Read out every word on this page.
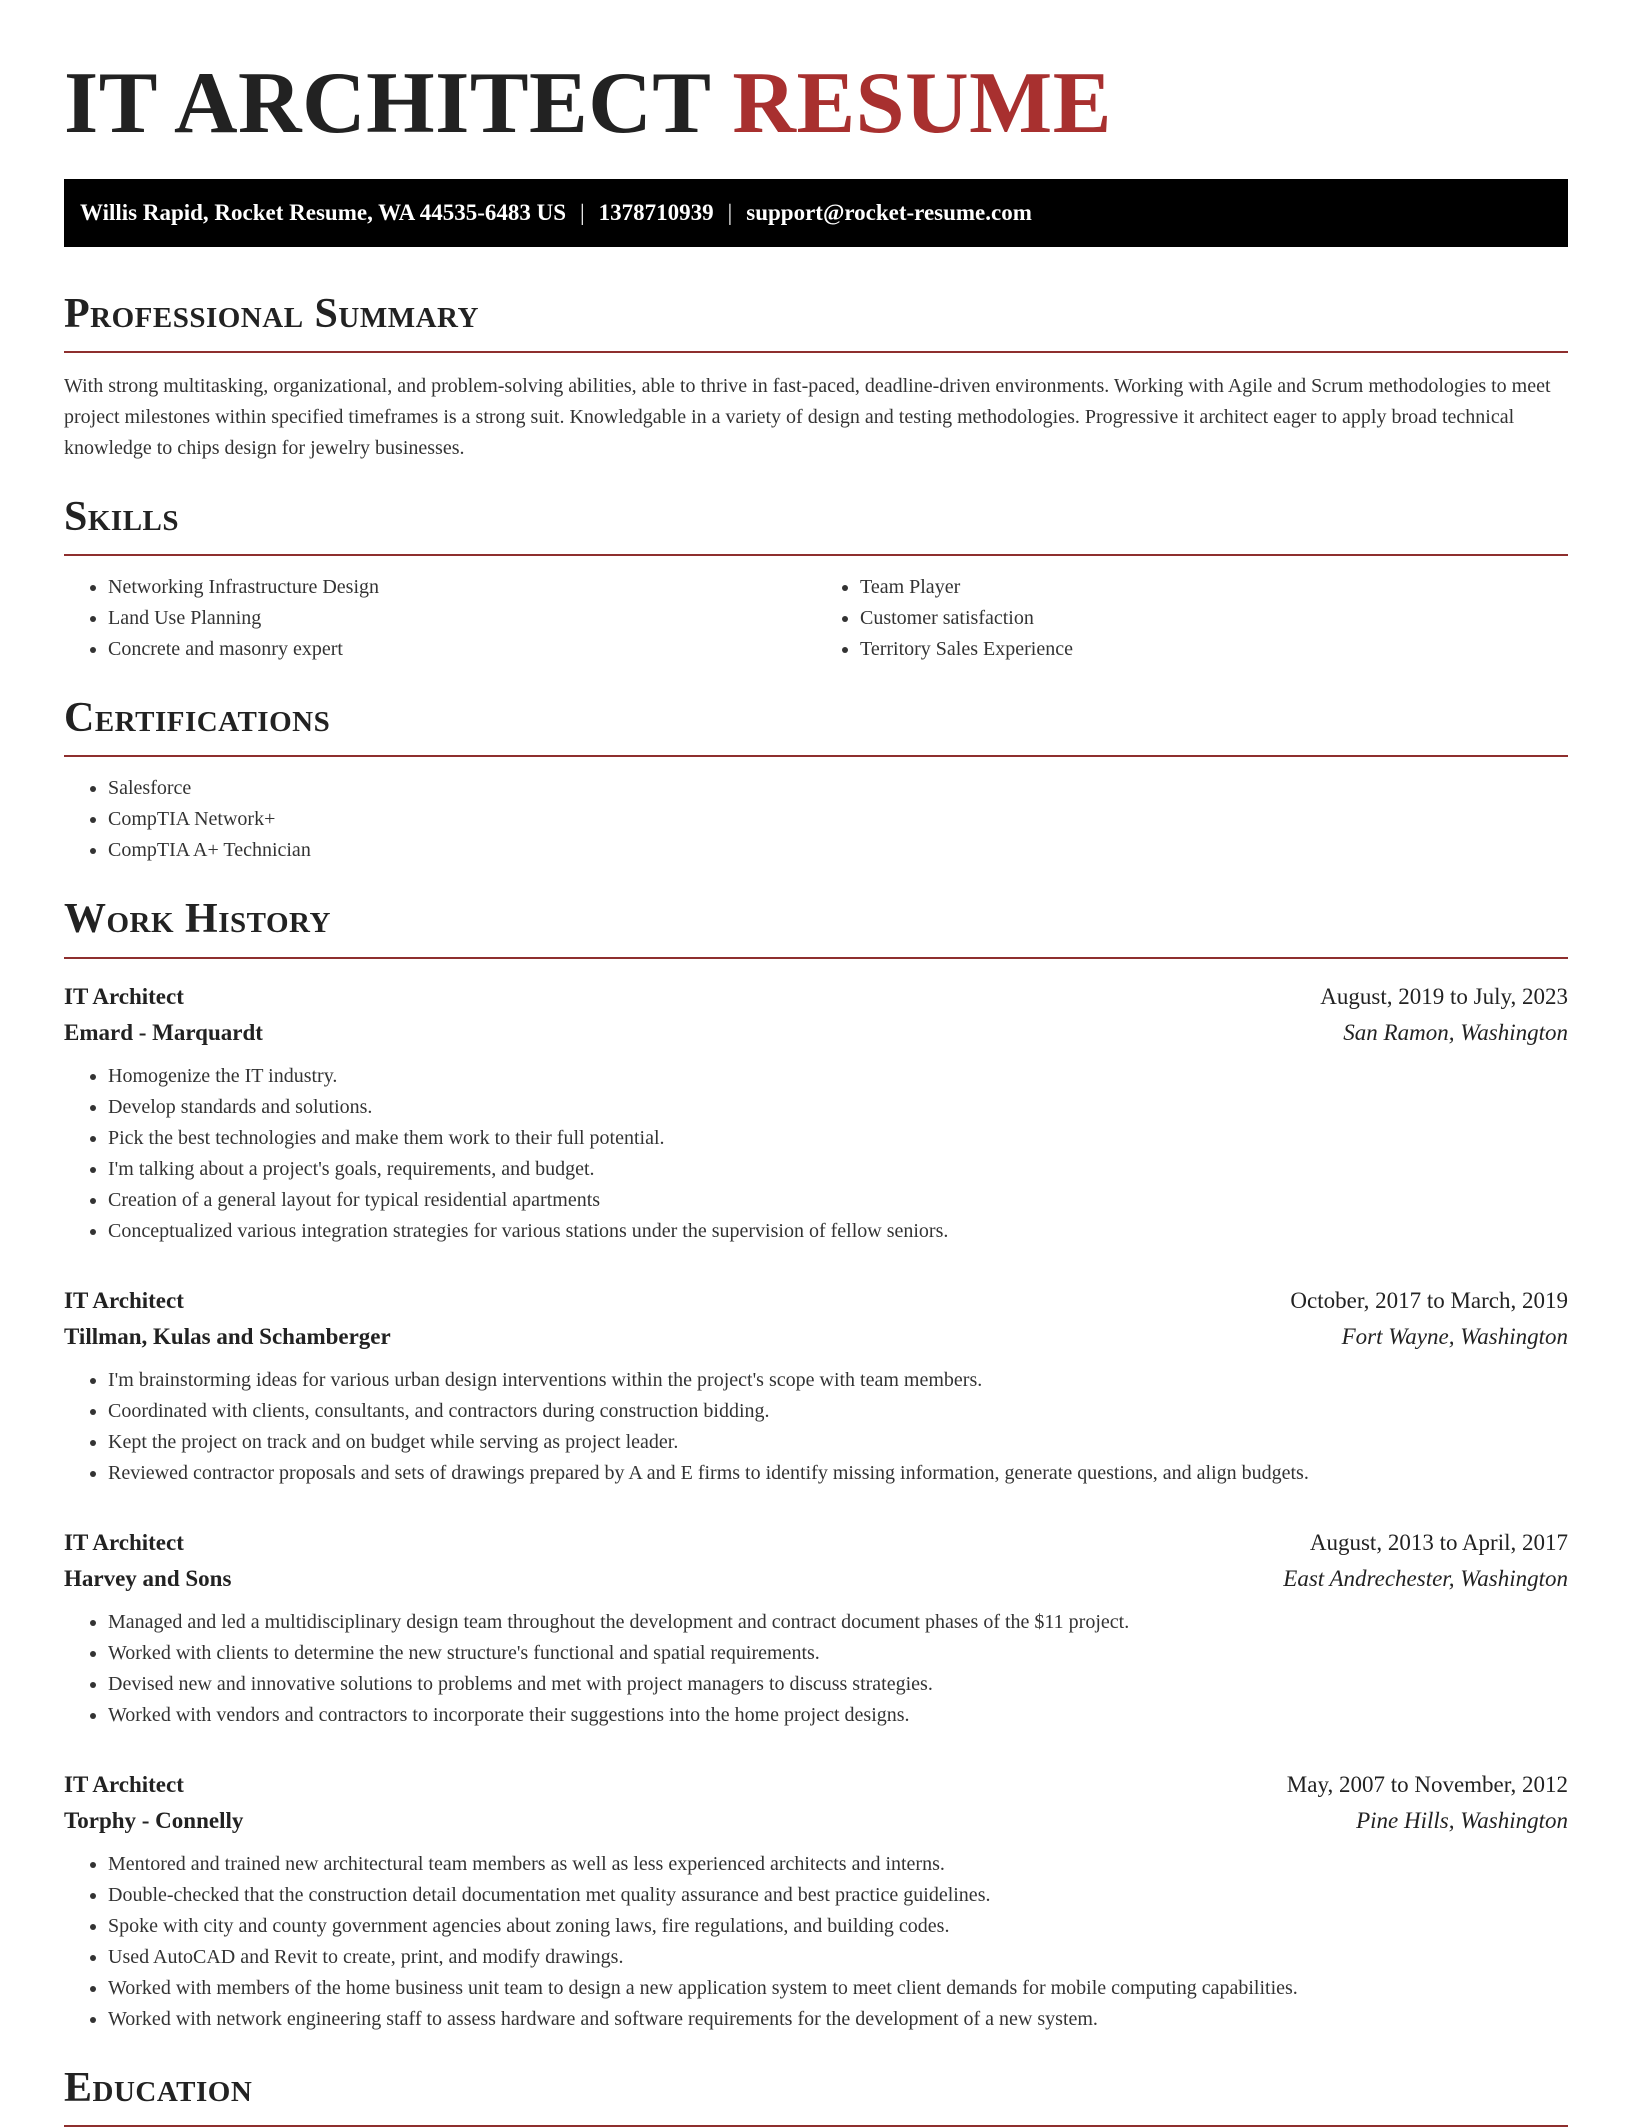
IT ARCHITECT RESUME
Willis Rapid, Rocket Resume, WA 44535-6483 US | 1378710939 | support@rocket-resume.com
Professional Summary

With strong multitasking, organizational, and problem-solving abilities, able to thrive in fast-paced, deadline-driven environments. Working with Agile and Scrum methodologies to meet project milestones within specified timeframes is a strong suit. Knowledgable in a variety of design and testing methodologies. Progressive it architect eager to apply broad technical knowledge to chips design for jewelry businesses.

Skills
• Networking Infrastructure Design
• Land Use Planning
• Concrete and masonry expert
• Team Player
• Customer satisfaction
• Territory Sales Experience
Certifications
• Salesforce
• CompTIA Network+
• CompTIA A+ Technician
Work History
IT Architect	August, 2019 to July, 2023
Emard - Marquardt	San Ramon, Washington
• Homogenize the IT industry.
• Develop standards and solutions.
• Pick the best technologies and make them work to their full potential.
• I'm talking about a project's goals, requirements, and budget.
• Creation of a general layout for typical residential apartments
• Conceptualized various integration strategies for various stations under the supervision of fellow seniors.
IT Architect	October, 2017 to March, 2019
Tillman, Kulas and Schamberger	Fort Wayne, Washington
• I'm brainstorming ideas for various urban design interventions within the project's scope with team members.
• Coordinated with clients, consultants, and contractors during construction bidding.
• Kept the project on track and on budget while serving as project leader.
• Reviewed contractor proposals and sets of drawings prepared by A and E firms to identify missing information, generate questions, and align budgets.
IT Architect	August, 2013 to April, 2017
Harvey and Sons	East Andrechester, Washington
• Managed and led a multidisciplinary design team throughout the development and contract document phases of the $11 project.
• Worked with clients to determine the new structure's functional and spatial requirements.
• Devised new and innovative solutions to problems and met with project managers to discuss strategies.
• Worked with vendors and contractors to incorporate their suggestions into the home project designs.
IT Architect	May, 2007 to November, 2012
Torphy - Connelly	Pine Hills, Washington
• Mentored and trained new architectural team members as well as less experienced architects and interns.
• Double-checked that the construction detail documentation met quality assurance and best practice guidelines.
• Spoke with city and county government agencies about zoning laws, fire regulations, and building codes.
• Used AutoCAD and Revit to create, print, and modify drawings.
• Worked with members of the home business unit team to design a new application system to meet client demands for mobile computing capabilities.
• Worked with network engineering staff to assess hardware and software requirements for the development of a new system.
Education
